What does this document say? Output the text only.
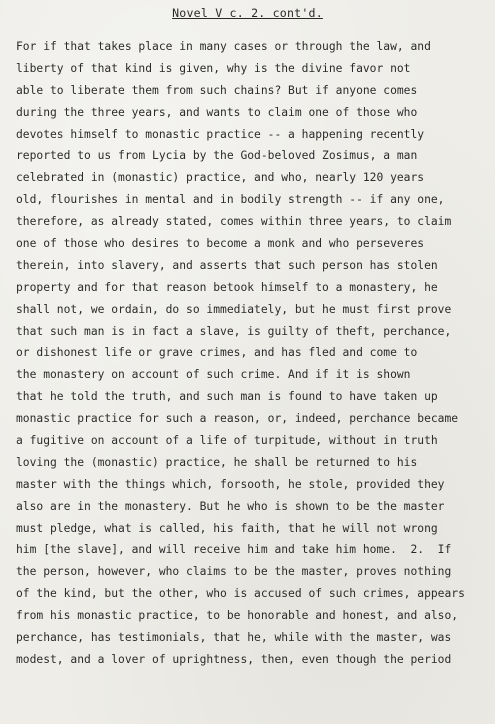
Novel V c. 2. cont'd.
For if that takes place in many cases or through the law, and
liberty of that kind is given, why is the divine favor not
able to liberate them from such chains? But if anyone comes
during the three years, and wants to claim one of those who
devotes himself to monastic practice -- a happening recently
reported to us from Lycia by the God-beloved Zosimus, a man
celebrated in (monastic) practice, and who, nearly 120 years
old, flourishes in mental and in bodily strength -- if any one,
therefore, as already stated, comes within three years, to claim
one of those who desires to become a monk and who perseveres
therein, into slavery, and asserts that such person has stolen
property and for that reason betook himself to a monastery, he
shall not, we ordain, do so immediately, but he must first prove
that such man is in fact a slave, is guilty of theft, perchance,
or dishonest life or grave crimes, and has fled and come to
the monastery on account of such crime. And if it is shown
that he told the truth, and such man is found to have taken up
monastic practice for such a reason, or, indeed, perchance became
a fugitive on account of a life of turpitude, without in truth
loving the (monastic) practice, he shall be returned to his
master with the things which, forsooth, he stole, provided they
also are in the monastery. But he who is shown to be the master
must pledge, what is called, his faith, that he will not wrong
him [the slave], and will receive him and take him home.  2.  If
the person, however, who claims to be the master, proves nothing
of the kind, but the other, who is accused of such crimes, appears
from his monastic practice, to be honorable and honest, and also,
perchance, has testimonials, that he, while with the master, was
modest, and a lover of uprightness, then, even though the period
